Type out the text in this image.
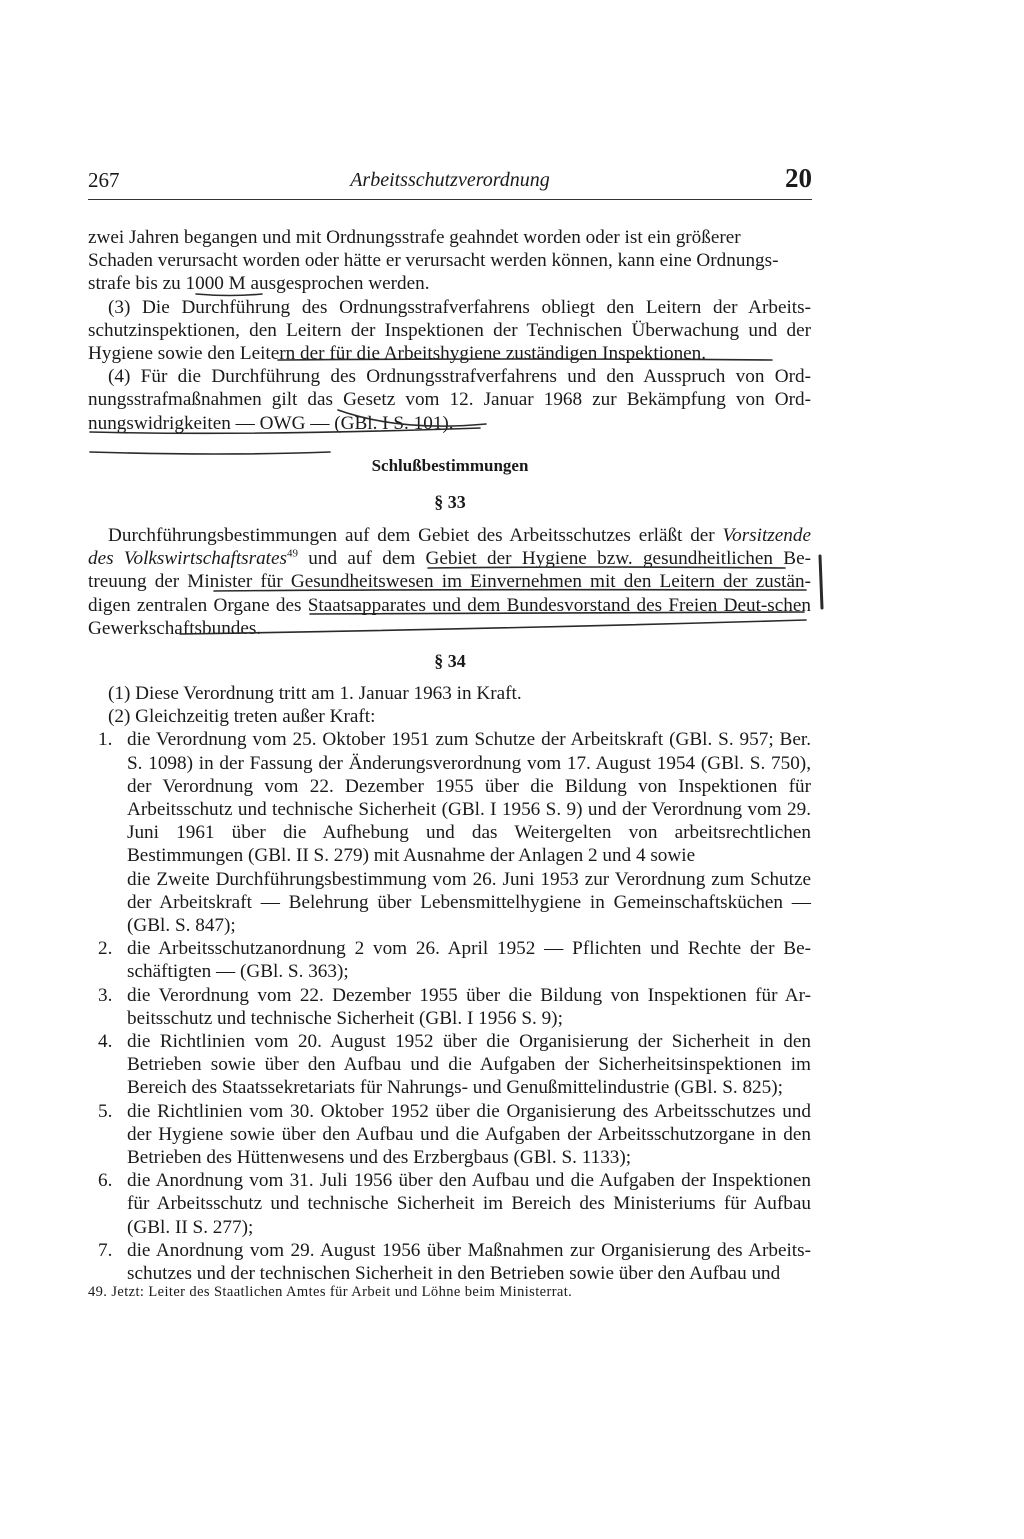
267	Arbeitsschutzverordnung	20

zwei Jahren begangen und mit Ordnungsstrafe geahndet worden oder ist ein größerer

Schaden verursacht worden oder hätte er verursacht werden können, kann eine Ordnungs-

strafe bis zu 1000 M ausgesprochen werden.

(3) Die Durchführung des Ordnungsstrafverfahrens obliegt den Leitern der Arbeits-schutzinspektionen, den Leitern der Inspektionen der Technischen Überwachung und der Hygiene sowie den Leitern der für die Arbeitshygiene zuständigen Inspektionen.

(4) Für die Durchführung des Ordnungsstrafverfahrens und den Ausspruch von Ord-nungsstrafmaßnahmen gilt das Gesetz vom 12. Januar 1968 zur Bekämpfung von Ord-nungswidrigkeiten — OWG — (GBl. I S. 101).

Schlußbestimmungen
§ 33

Durchführungsbestimmungen auf dem Gebiet des Arbeitsschutzes erläßt der Vorsitzende des Volkswirtschaftsrates$^{49}$ und auf dem Gebiet der Hygiene bzw. gesundheitlichen Be-treuung der Minister für Gesundheitswesen im Einvernehmen mit den Leitern der zustän-digen zentralen Organe des Staatsapparates und dem Bundesvorstand des Freien Deut-schen Gewerkschaftsbundes.

§ 34

(1) Diese Verordnung tritt am 1. Januar 1963 in Kraft.

(2) Gleichzeitig treten außer Kraft:

1. die Verordnung vom 25. Oktober 1951 zum Schutze der Arbeitskraft (GBl. S. 957; Ber. S. 1098) in der Fassung der Änderungsverordnung vom 17. August 1954 (GBl. S. 750), der Verordnung vom 22. Dezember 1955 über die Bildung von Inspektionen für Arbeitsschutz und technische Sicherheit (GBl. I 1956 S. 9) und der Verordnung vom 29. Juni 1961 über die Aufhebung und das Weitergelten von arbeitsrechtlichen Bestimmungen (GBl. II S. 279) mit Ausnahme der Anlagen 2 und 4 sowie

die Zweite Durchführungsbestimmung vom 26. Juni 1953 zur Verordnung zum Schutze der Arbeitskraft — Belehrung über Lebensmittelhygiene in Gemeinschaftsküchen — (GBl. S. 847);

2. die Arbeitsschutzanordnung 2 vom 26. April 1952 — Pflichten und Rechte der Be-schäftigten — (GBl. S. 363);

3. die Verordnung vom 22. Dezember 1955 über die Bildung von Inspektionen für Ar-beitsschutz und technische Sicherheit (GBl. I 1956 S. 9);

4. die Richtlinien vom 20. August 1952 über die Organisierung der Sicherheit in den Betrieben sowie über den Aufbau und die Aufgaben der Sicherheitsinspektionen im Bereich des Staatssekretariats für Nahrungs- und Genußmittelindustrie (GBl. S. 825);

5. die Richtlinien vom 30. Oktober 1952 über die Organisierung des Arbeitsschutzes und der Hygiene sowie über den Aufbau und die Aufgaben der Arbeitsschutzorgane in den Betrieben des Hüttenwesens und des Erzbergbaus (GBl. S. 1133);

6. die Anordnung vom 31. Juli 1956 über den Aufbau und die Aufgaben der Inspektionen für Arbeitsschutz und technische Sicherheit im Bereich des Ministeriums für Aufbau (GBl. II S. 277);

7. die Anordnung vom 29. August 1956 über Maßnahmen zur Organisierung des Arbeits-schutzes und der technischen Sicherheit in den Betrieben sowie über den Aufbau und

49. Jetzt: Leiter des Staatlichen Amtes für Arbeit und Löhne beim Ministerrat.
